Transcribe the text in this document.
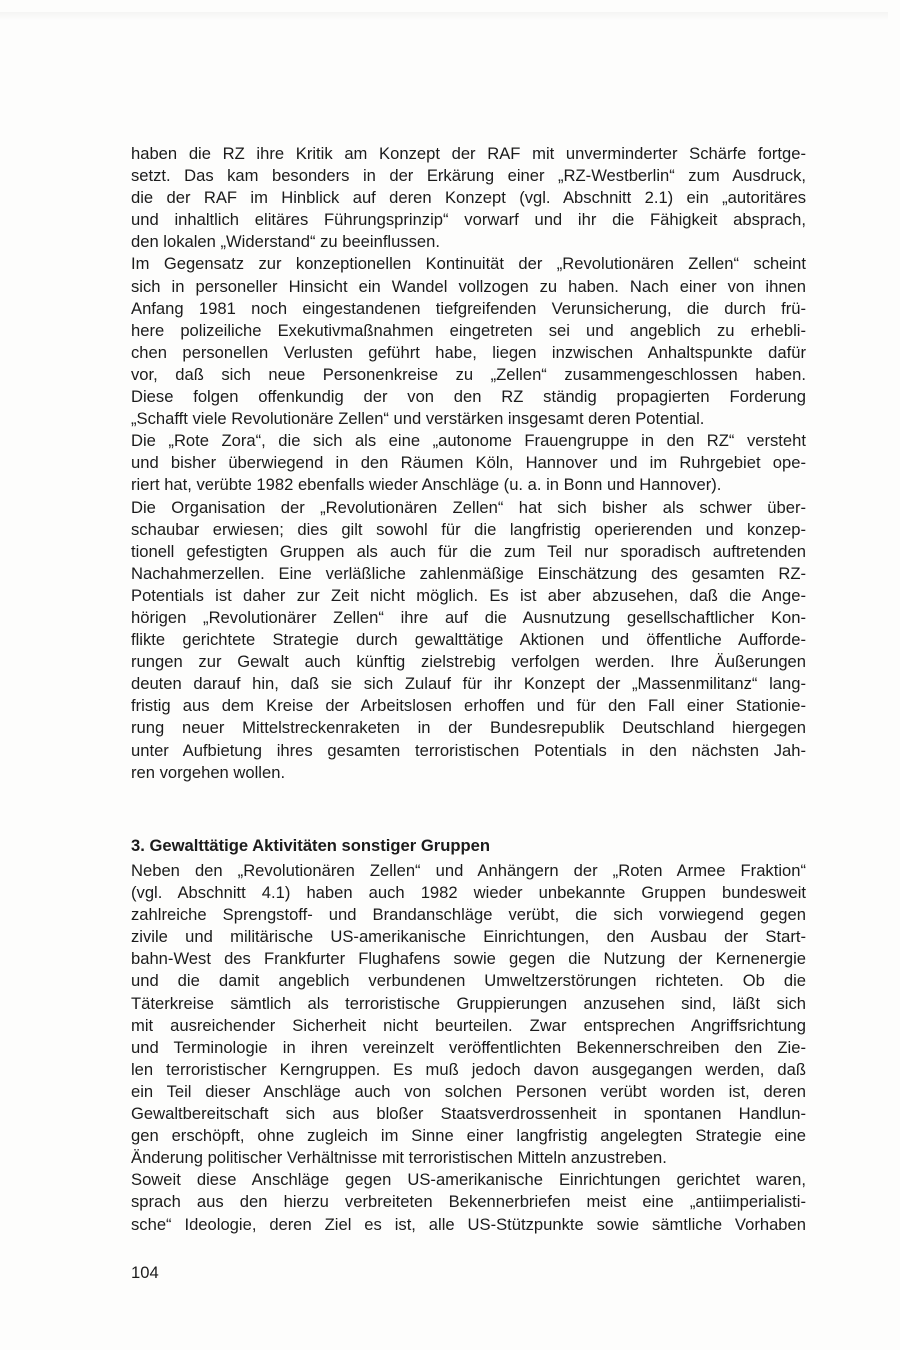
haben die RZ ihre Kritik am Konzept der RAF mit unverminderter Schärfe fortge-
setzt. Das kam besonders in der Erkärung einer „RZ-Westberlin“ zum Ausdruck,
die der RAF im Hinblick auf deren Konzept (vgl. Abschnitt 2.1) ein „autoritäres
und inhaltlich elitäres Führungsprinzip“ vorwarf und ihr die Fähigkeit absprach,
den lokalen „Widerstand“ zu beeinflussen.
Im Gegensatz zur konzeptionellen Kontinuität der „Revolutionären Zellen“ scheint
sich in personeller Hinsicht ein Wandel vollzogen zu haben. Nach einer von ihnen
Anfang 1981 noch eingestandenen tiefgreifenden Verunsicherung, die durch frü-
here polizeiliche Exekutivmaßnahmen eingetreten sei und angeblich zu erhebli-
chen personellen Verlusten geführt habe, liegen inzwischen Anhaltspunkte dafür
vor, daß sich neue Personenkreise zu „Zellen“ zusammengeschlossen haben.
Diese folgen offenkundig der von den RZ ständig propagierten Forderung
„Schafft viele Revolutionäre Zellen“ und verstärken insgesamt deren Potential.
Die „Rote Zora“, die sich als eine „autonome Frauengruppe in den RZ“ versteht
und bisher überwiegend in den Räumen Köln, Hannover und im Ruhrgebiet ope-
riert hat, verübte 1982 ebenfalls wieder Anschläge (u. a. in Bonn und Hannover).
Die Organisation der „Revolutionären Zellen“ hat sich bisher als schwer über-
schaubar erwiesen; dies gilt sowohl für die langfristig operierenden und konzep-
tionell gefestigten Gruppen als auch für die zum Teil nur sporadisch auftretenden
Nachahmerzellen. Eine verläßliche zahlenmäßige Einschätzung des gesamten RZ-
Potentials ist daher zur Zeit nicht möglich. Es ist aber abzusehen, daß die Ange-
hörigen „Revolutionärer Zellen“ ihre auf die Ausnutzung gesellschaftlicher Kon-
flikte gerichtete Strategie durch gewalttätige Aktionen und öffentliche Aufforde-
rungen zur Gewalt auch künftig zielstrebig verfolgen werden. Ihre Äußerungen
deuten darauf hin, daß sie sich Zulauf für ihr Konzept der „Massenmilitanz“ lang-
fristig aus dem Kreise der Arbeitslosen erhoffen und für den Fall einer Stationie-
rung neuer Mittelstreckenraketen in der Bundesrepublik Deutschland hiergegen
unter Aufbietung ihres gesamten terroristischen Potentials in den nächsten Jah-
ren vorgehen wollen.
3. Gewalttätige Aktivitäten sonstiger Gruppen
Neben den „Revolutionären Zellen“ und Anhängern der „Roten Armee Fraktion“
(vgl. Abschnitt 4.1) haben auch 1982 wieder unbekannte Gruppen bundesweit
zahlreiche Sprengstoff- und Brandanschläge verübt, die sich vorwiegend gegen
zivile und militärische US-amerikanische Einrichtungen, den Ausbau der Start-
bahn-West des Frankfurter Flughafens sowie gegen die Nutzung der Kernenergie
und die damit angeblich verbundenen Umweltzerstörungen richteten. Ob die
Täterkreise sämtlich als terroristische Gruppierungen anzusehen sind, läßt sich
mit ausreichender Sicherheit nicht beurteilen. Zwar entsprechen Angriffsrichtung
und Terminologie in ihren vereinzelt veröffentlichten Bekennerschreiben den Zie-
len terroristischer Kerngruppen. Es muß jedoch davon ausgegangen werden, daß
ein Teil dieser Anschläge auch von solchen Personen verübt worden ist, deren
Gewaltbereitschaft sich aus bloßer Staatsverdrossenheit in spontanen Handlun-
gen erschöpft, ohne zugleich im Sinne einer langfristig angelegten Strategie eine
Änderung politischer Verhältnisse mit terroristischen Mitteln anzustreben.
Soweit diese Anschläge gegen US-amerikanische Einrichtungen gerichtet waren,
sprach aus den hierzu verbreiteten Bekennerbriefen meist eine „antiimperialisti-
sche“ Ideologie, deren Ziel es ist, alle US-Stützpunkte sowie sämtliche Vorhaben
104
